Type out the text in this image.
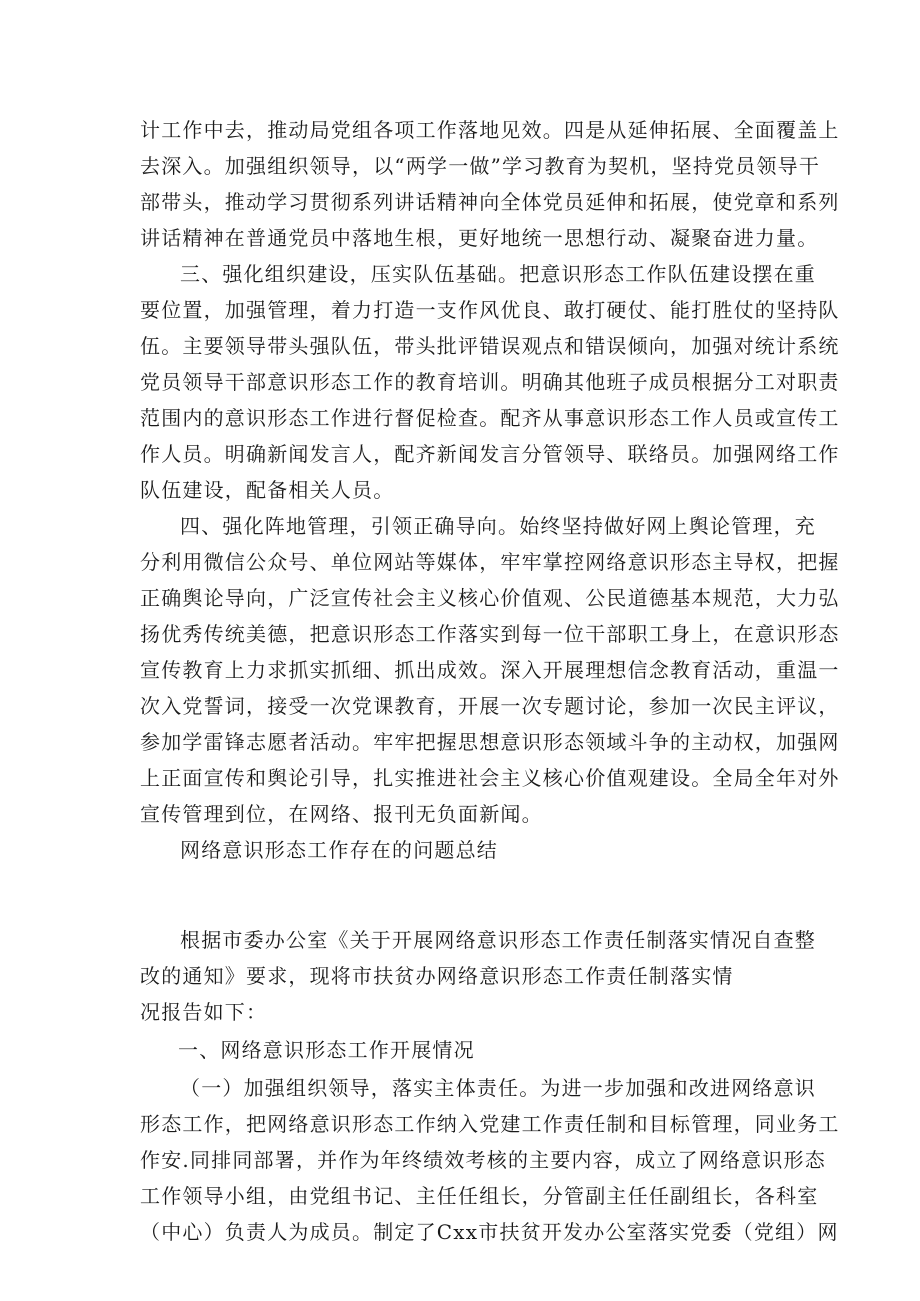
计工作中去，推动局党组各项工作落地见效。四是从延伸拓展、全面覆盖上
去深入。加强组织领导，以“两学一做”学习教育为契机，坚持党员领导干
部带头，推动学习贯彻系列讲话精神向全体党员延伸和拓展，使党章和系列
讲话精神在普通党员中落地生根，更好地统一思想行动、凝聚奋进力量。
三、强化组织建设，压实队伍基础。把意识形态工作队伍建设摆在重
要位置，加强管理，着力打造一支作风优良、敢打硬仗、能打胜仗的坚持队
伍。主要领导带头强队伍，带头批评错误观点和错误倾向，加强对统计系统
党员领导干部意识形态工作的教育培训。明确其他班子成员根据分工对职责
范围内的意识形态工作进行督促检查。配齐从事意识形态工作人员或宣传工
作人员。明确新闻发言人，配齐新闻发言分管领导、联络员。加强网络工作
队伍建设，配备相关人员。
四、强化阵地管理，引领正确导向。始终坚持做好网上舆论管理，充
分利用微信公众号、单位网站等媒体，牢牢掌控网络意识形态主导权，把握
正确舆论导向，广泛宣传社会主义核心价值观、公民道德基本规范，大力弘
扬优秀传统美德，把意识形态工作落实到每一位干部职工身上，在意识形态
宣传教育上力求抓实抓细、抓出成效。深入开展理想信念教育活动，重温一
次入党誓词，接受一次党课教育，开展一次专题讨论，参加一次民主评议，
参加学雷锋志愿者活动。牢牢把握思想意识形态领域斗争的主动权，加强网
上正面宣传和舆论引导，扎实推进社会主义核心价值观建设。全局全年对外
宣传管理到位，在网络、报刊无负面新闻。
网络意识形态工作存在的问题总结
根据市委办公室《关于开展网络意识形态工作责任制落实情况自查整
改的通知》要求，现将市扶贫办网络意识形态工作责任制落实情
况报告如下：
一、网络意识形态工作开展情况
（一）加强组织领导，落实主体责任。为进一步加强和改进网络意识
形态工作，把网络意识形态工作纳入党建工作责任制和目标管理，同业务工
作安.同排同部署，并作为年终绩效考核的主要内容，成立了网络意识形态
工作领导小组，由党组书记、主任任组长，分管副主任任副组长，各科室
（中心）负责人为成员。制定了Cxx市扶贫开发办公室落实党委（党组）网
